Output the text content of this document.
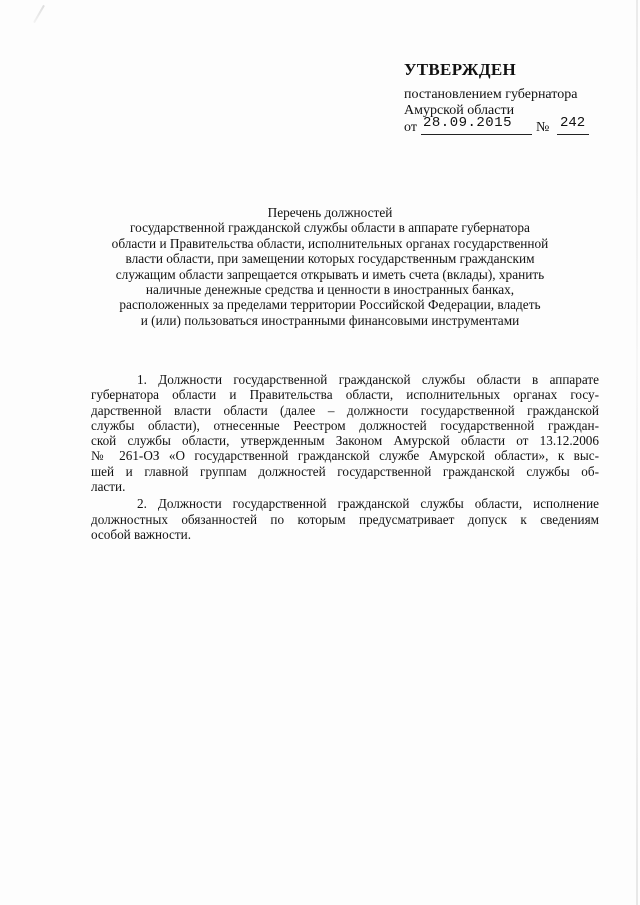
УТВЕРЖДЕН

постановлением губернатора

Амурской области

от 28.09.2015 № 242

Перечень должностей

государственной гражданской службы области в аппарате губернатора

области и Правительства области, исполнительных органах государственной

власти области, при замещении которых государственным гражданским

служащим области запрещается открывать и иметь счета (вклады), хранить

наличные денежные средства и ценности в иностранных банках,

расположенных за пределами территории Российской Федерации, владеть

и (или) пользоваться иностранными финансовыми инструментами

1. Должности государственной гражданской службы области в аппарате

губернатора области и Правительства области, исполнительных органах госу-

дарственной власти области (далее – должности государственной гражданской

службы области), отнесенные Реестром должностей государственной граждан-

ской службы области, утвержденным Законом Амурской области от 13.12.2006

№ 261-ОЗ «О государственной гражданской службе Амурской области», к выс-

шей и главной группам должностей государственной гражданской службы об-

ласти.

2. Должности государственной гражданской службы области, исполнение

должностных обязанностей по которым предусматривает допуск к сведениям

особой важности.
